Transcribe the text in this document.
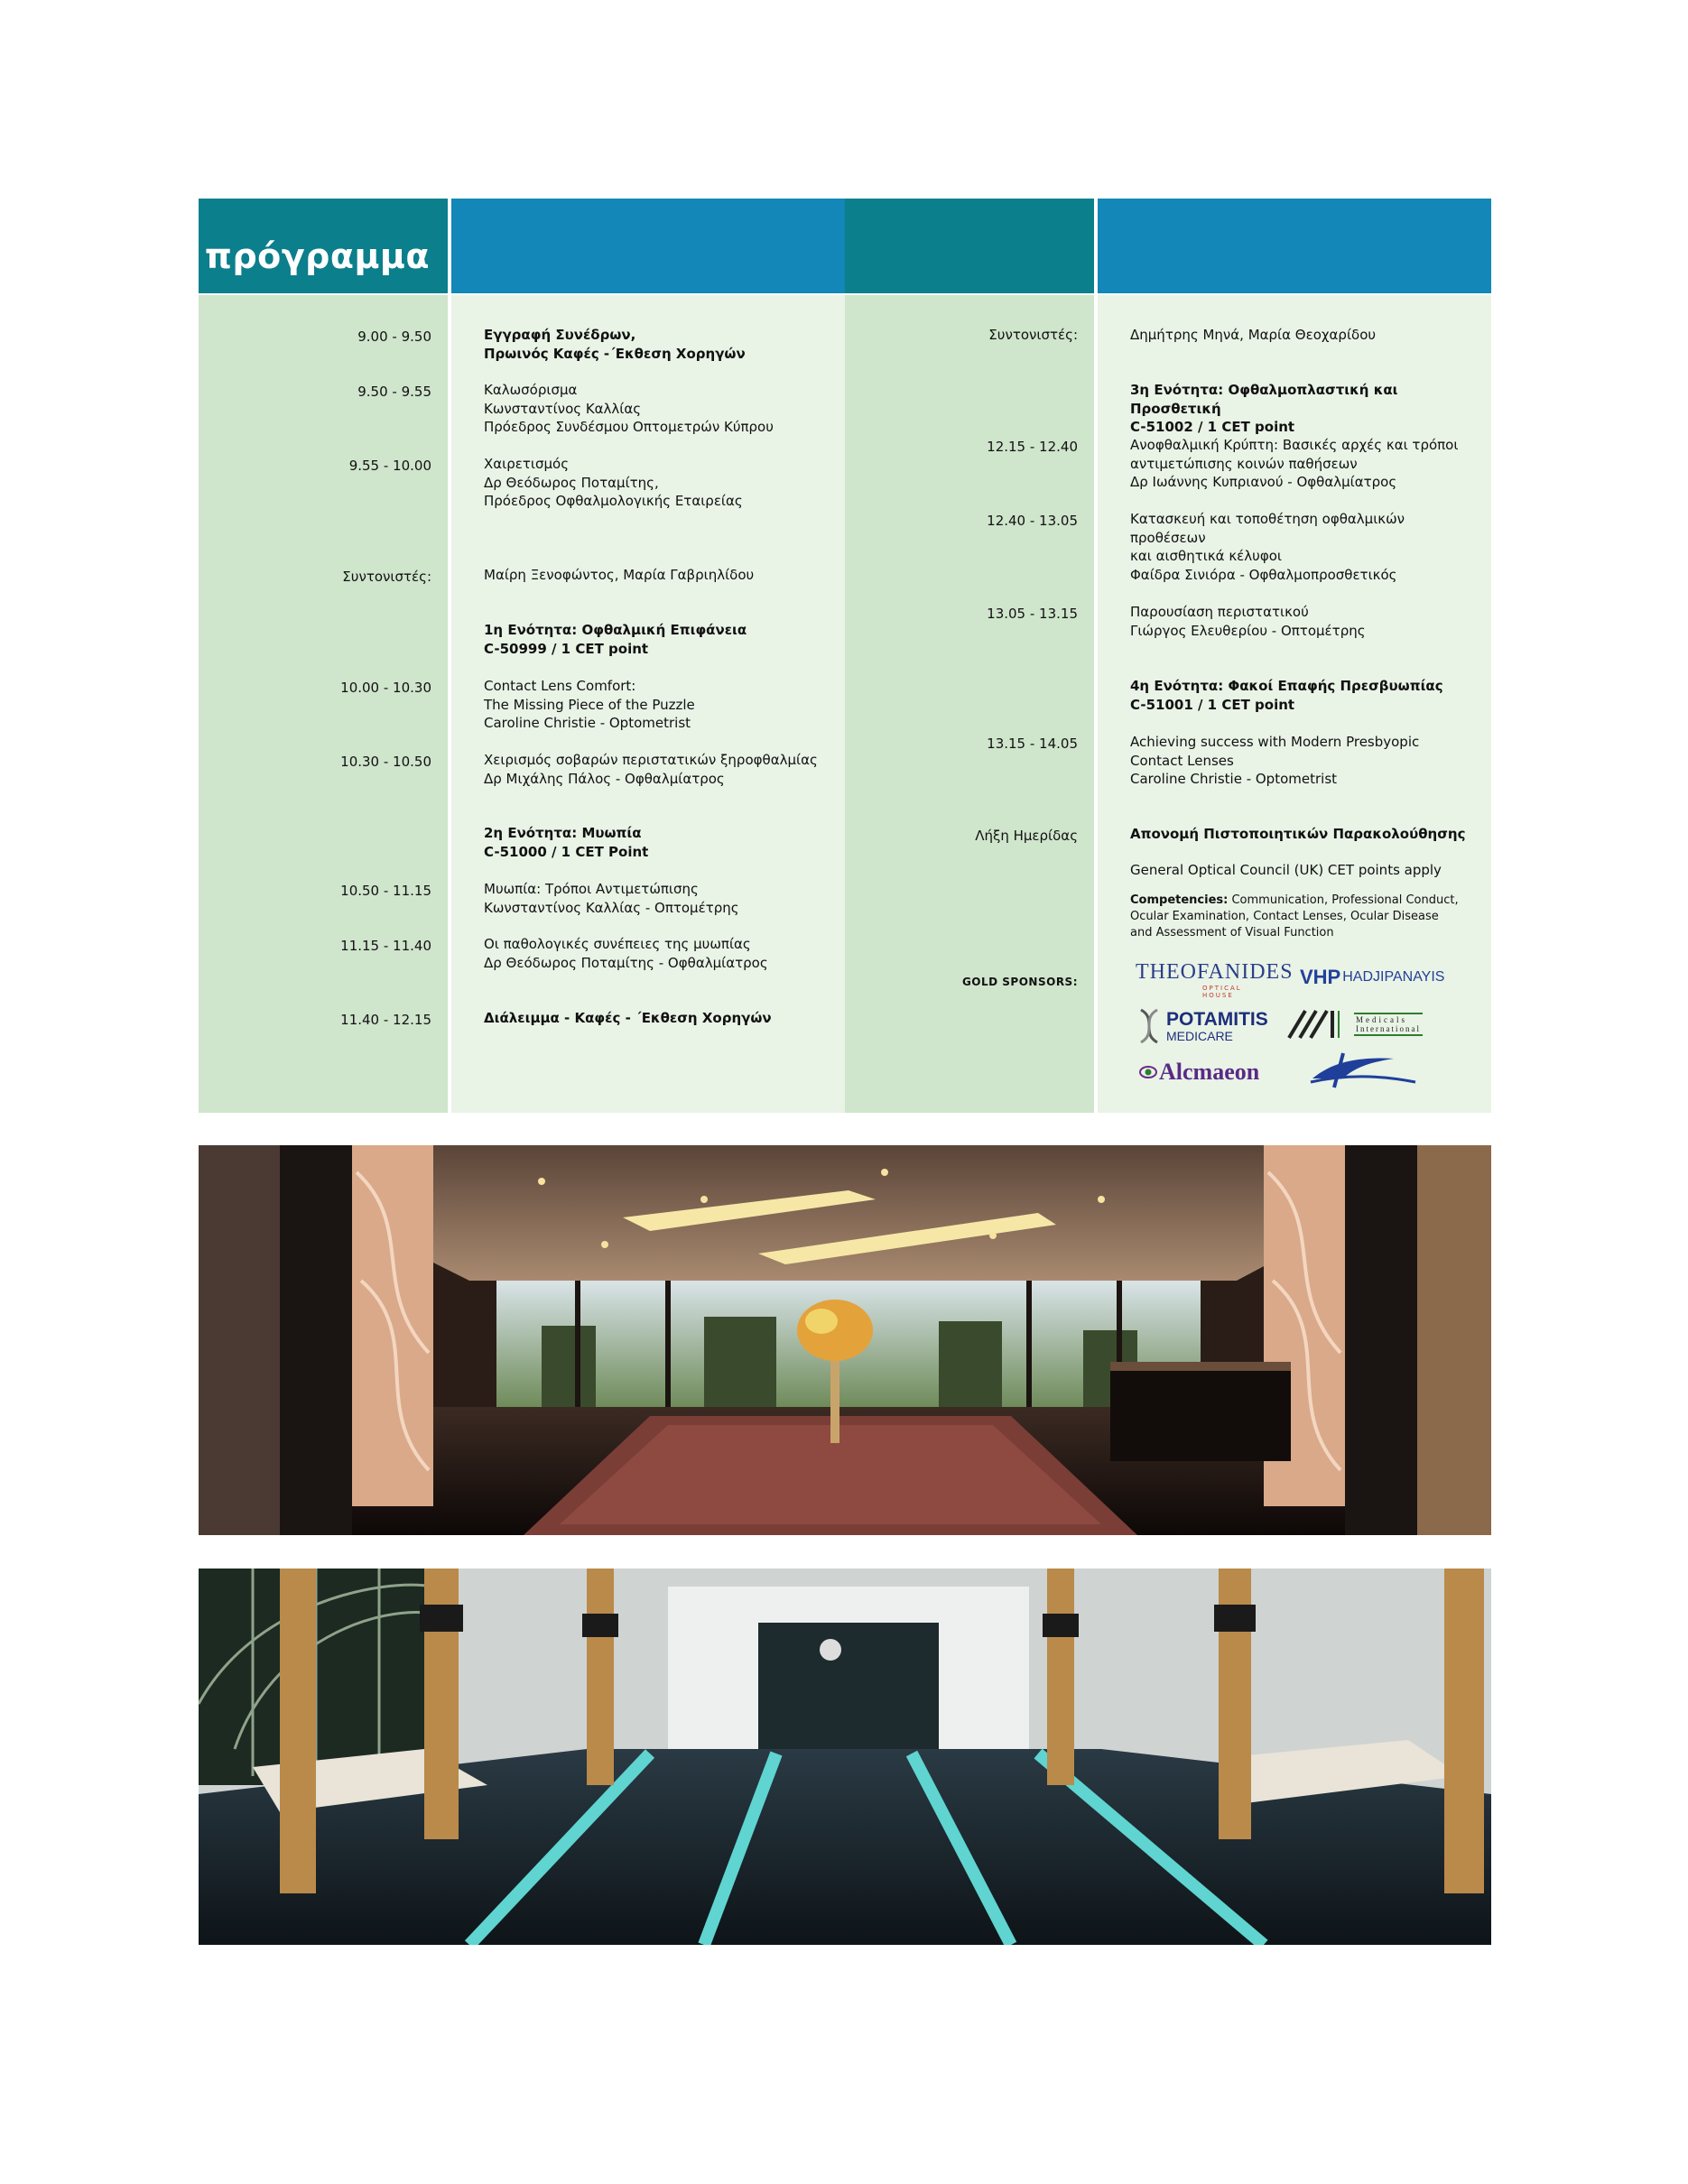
πρόγραμμα
9.00 - 9.50
9.50 - 9.55
9.55 - 10.00
Συντονιστές:
10.00 - 10.30
10.30 - 10.50
10.50 - 11.15
11.15 - 11.40
11.40 - 12.15
Εγγραφή Συνέδρων,
Πρωινός Καφές -΄Εκθεση Χορηγών
Καλωσόρισμα
Κωνσταντίνος Καλλίας
Πρόεδρος Συνδέσμου Οπτομετρών Κύπρου
Χαιρετισμός
Δρ Θεόδωρος Ποταμίτης,
Πρόεδρος Οφθαλμολογικής Εταιρείας
Μαίρη Ξενοφώντος, Μαρία Γαβριηλίδου
1η Ενότητα: Οφθαλμική Επιφάνεια
C-50999 / 1 CET point
Contact Lens Comfort:
The Missing Piece of the Puzzle
Caroline Christie - Optometrist
Χειρισμός σοβαρών περιστατικών ξηροφθαλμίας
Δρ Μιχάλης Πάλος - Οφθαλμίατρος
2η Ενότητα: Μυωπία
C-51000 / 1 CET Point
Μυωπία: Τρόποι Αντιμετώπισης
Κωνσταντίνος Καλλίας - Οπτομέτρης
Οι παθολογικές συνέπειες της μυωπίας
Δρ Θεόδωρος Ποταμίτης - Οφθαλμίατρος
Διάλειμμα - Καφές - ΄Εκθεση Χορηγών
Συντονιστές:
12.15 - 12.40
12.40 - 13.05
13.05 - 13.15
13.15 - 14.05
Λήξη Ημερίδας
Δημήτρης Μηνά, Μαρία Θεοχαρίδου
3η Ενότητα: Οφθαλμοπλαστική και Προσθετική
C-51002 / 1 CET point
Ανοφθαλμική Κρύπτη: Βασικές αρχές και τρόποι
αντιμετώπισης κοινών παθήσεων
Δρ Ιωάννης Κυπριανού - Οφθαλμίατρος
Κατασκευή και τοποθέτηση οφθαλμικών προθέσεων
και αισθητικά κέλυφοι
Φαίδρα Σινιόρα - Οφθαλμοπροσθετικός
Παρουσίαση περιστατικού
Γιώργος Ελευθερίου - Οπτομέτρης
4η Ενότητα: Φακοί Επαφής Πρεσβυωπίας
C-51001 / 1 CET point
Achieving success with Modern Presbyopic
Contact Lenses
Caroline Christie - Optometrist
Απονομή Πιστοποιητικών Παρακολούθησης
General Optical Council (UK) CET points apply
Competencies: Communication, Professional Conduct,
Ocular Examination, Contact Lenses, Ocular Disease
and Assessment of Visual Function
GOLD SPONSORS:	THEOFANIDES
OPTICAL HOUSE
VHP HADJIPANAYIS
POTAMITIS
MEDICARE
Medicals
International
Alcmaeon
